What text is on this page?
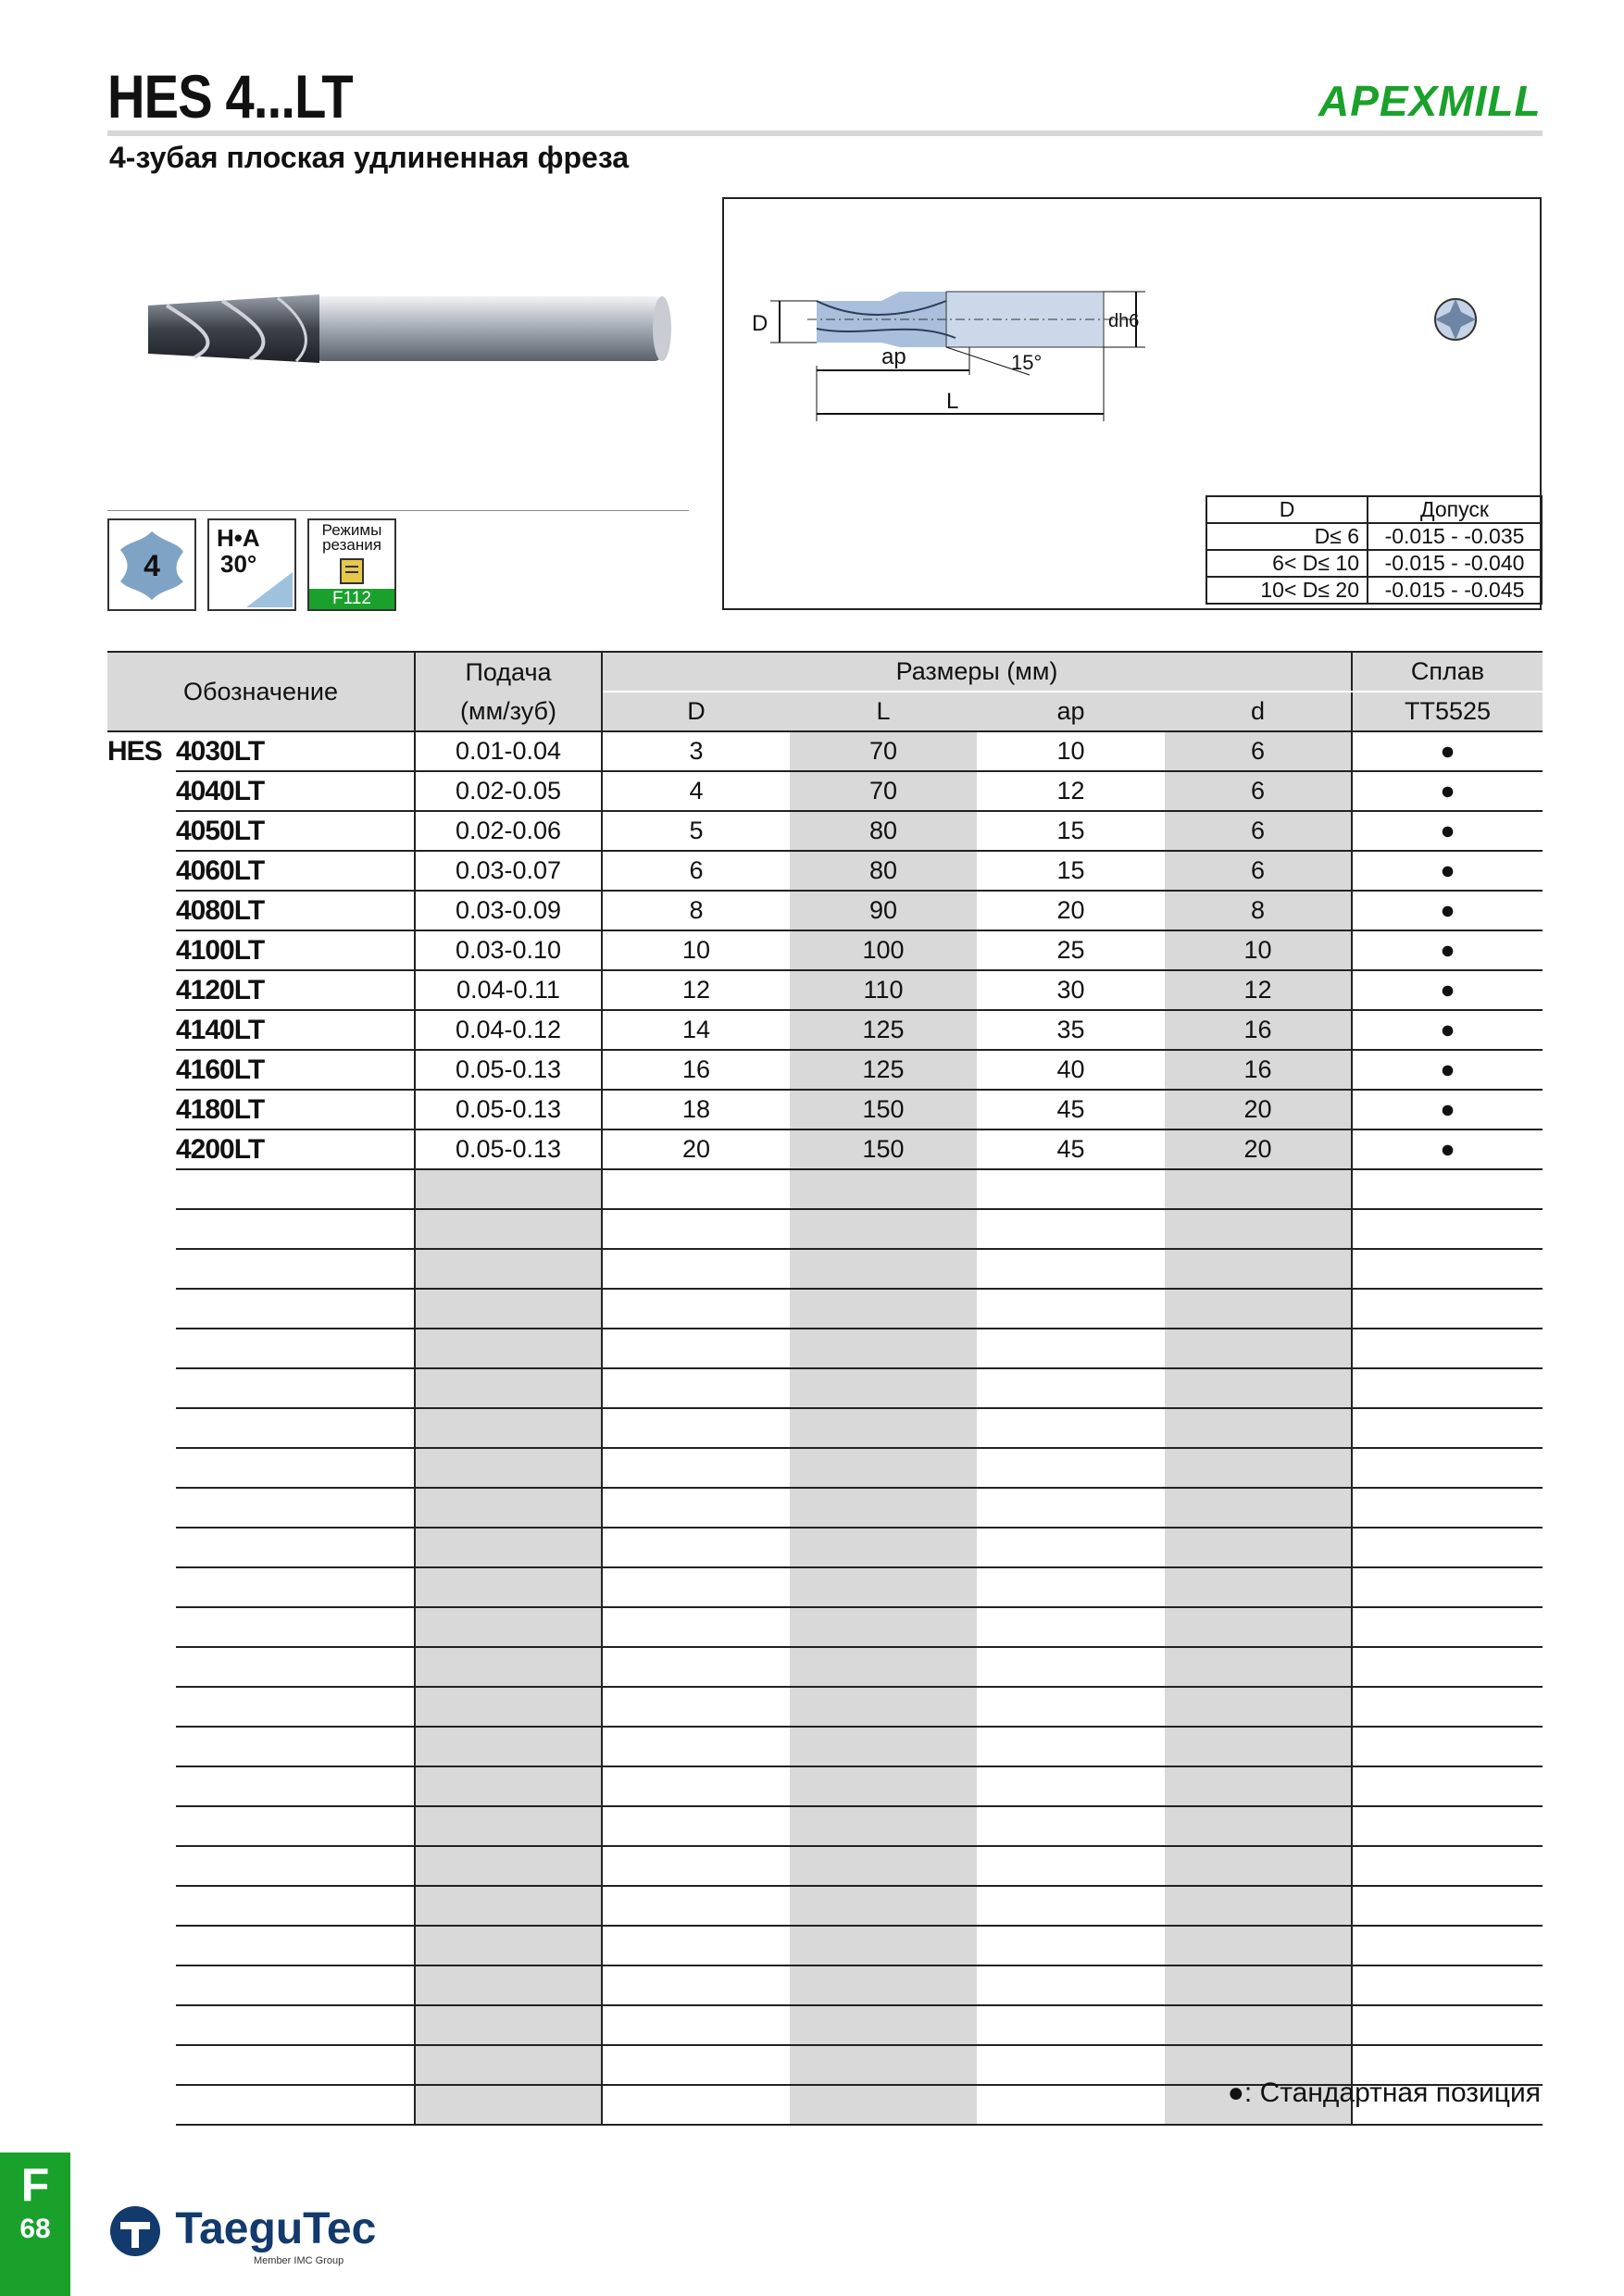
HES 4...LT	APEXMILL
4-зубая плоская удлиненная фреза
4
H•A
30°
Режимы
резания
F112
D	dh6
ap
L
15°
D	Допуск
D≤ 6	-0.015 - -0.035
6< D≤ 10	-0.015 - -0.040
10< D≤ 20	-0.015 - -0.045
Обозначение		Подача	Размеры (мм)				Сплав
		(мм/зуб)	D	L	ap	d	TT5525
HES	4030LT	0.01-0.04	3	70	10	6	●
	4040LT	0.02-0.05	4	70	12	6	●
	4050LT	0.02-0.06	5	80	15	6	●
	4060LT	0.03-0.07	6	80	15	6	●
	4080LT	0.03-0.09	8	90	20	8	●
	4100LT	0.03-0.10	10	100	25	10	●
	4120LT	0.04-0.11	12	110	30	12	●
	4140LT	0.04-0.12	14	125	35	16	●
	4160LT	0.05-0.13	16	125	40	16	●
	4180LT	0.05-0.13	18	150	45	20	●
	4200LT	0.05-0.13	20	150	45	20	●

●: Стандартная позиция
F
68	TaeguTec
Member IMC Group
